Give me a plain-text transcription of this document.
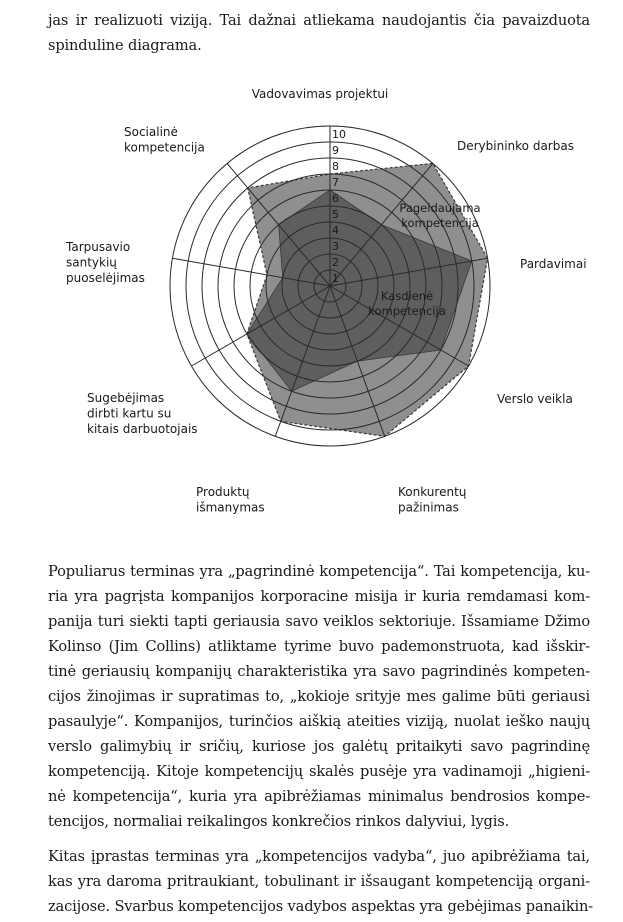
jas ir realizuoti viziją. Tai dažnai atliekama naudojantis čia pavaizduota
spinduline diagrama.
1
2
3
4
5
6
7
8
9
10
Vadovavimas projektui
Derybininko darbas
Pardavimai
Verslo veikla
Konkurentų pažinimas
Produktų išmanymas
Sugebėjimas dirbti kartu su kitais darbuotojais
Tarpusavio santykių puoselėjimas
Socialinė kompetencija
Pageidaujama kompetencija
Kasdienė kompetencija
Populiarus terminas yra „pagrindinė kompetencija“. Tai kompetencija, ku-
ria yra pagrįsta kompanijos korporacine misija ir kuria remdamasi kom-
panija turi siekti tapti geriausia savo veiklos sektoriuje. Išsamiame Džimo
Kolinso (Jim Collins) atliktame tyrime buvo pademonstruota, kad išskir-
tinė geriausių kompanijų charakteristika yra savo pagrindinės kompeten-
cijos žinojimas ir supratimas to, „kokioje srityje mes galime būti geriausi
pasaulyje“. Kompanijos, turinčios aiškią ateities viziją, nuolat ieško naujų
verslo galimybių ir sričių, kuriose jos galėtų pritaikyti savo pagrindinę
kompetenciją. Kitoje kompetencijų skalės pusėje yra vadinamoji „higieni-
nė kompetencija“, kuria yra apibrėžiamas minimalus bendrosios kompe-
tencijos, normaliai reikalingos konkrečios rinkos dalyviui, lygis.
Kitas įprastas terminas yra „kompetencijos vadyba“, juo apibrėžiama tai,
kas yra daroma pritraukiant, tobulinant ir išsaugant kompetenciją organi-
zacijose. Svarbus kompetencijos vadybos aspektas yra gebėjimas panaikin-
